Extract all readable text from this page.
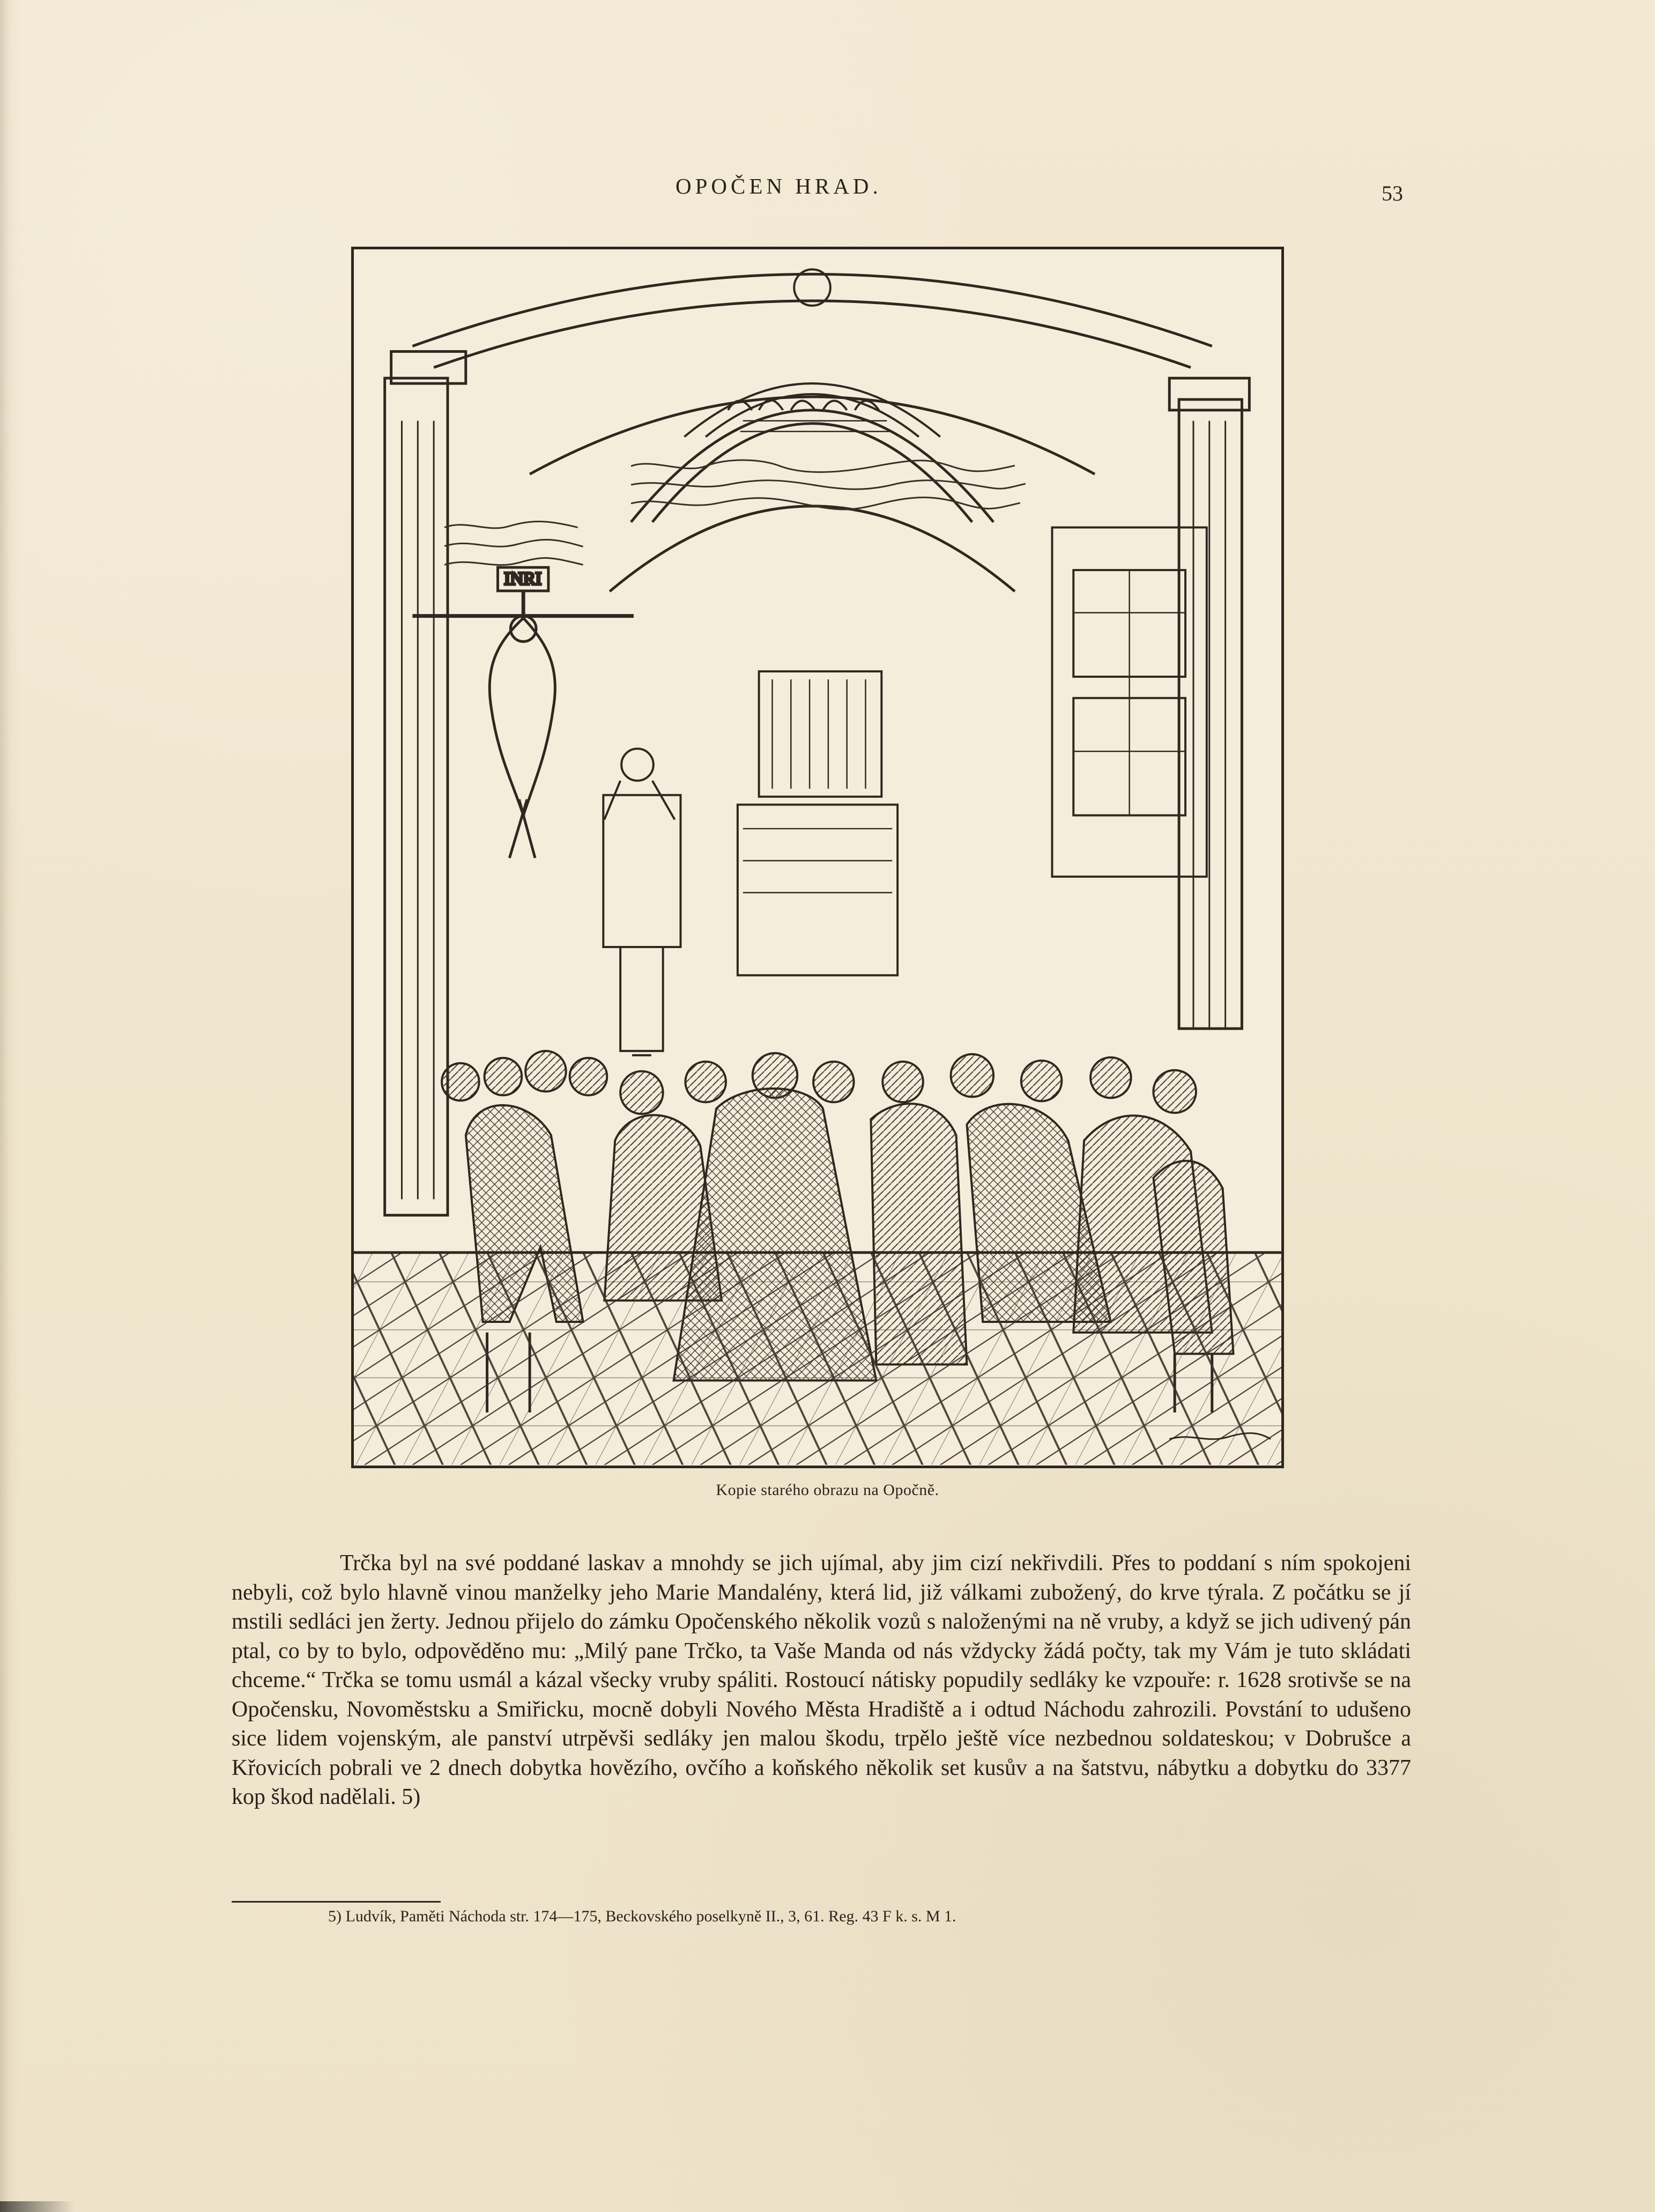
OPOČEN HRAD.	53
INRI
Kopie starého obrazu na Opočně.

Trčka byl na své poddané laskav a mnohdy se jich ujímal, aby jim cizí nekřivdili. Přes to poddaní s ním spokojeni nebyli, což bylo hlavně vinou manželky jeho Marie Mandalény, která lid, již válkami zubožený, do krve týrala. Z počátku se jí mstili sedláci jen žerty. Jednou přijelo do zámku Opočenského několik vozů s naloženými na ně vruby, a když se jich udivený pán ptal, co by to bylo, odpověděno mu: „Milý pane Trčko, ta Vaše Manda od nás vždycky žádá počty, tak my Vám je tuto skládati chceme.“ Trčka se tomu usmál a kázal všecky vruby spáliti. Rostoucí nátisky popudily sedláky ke vzpouře: r. 1628 srotivše se na Opočensku, Novoměstsku a Smiřicku, mocně dobyli Nového Města Hradiště a i odtud Náchodu zahrozili. Povstání to udušeno sice lidem vojenským, ale panství utrpěvši sedláky jen malou škodu, trpělo ještě více nezbednou soldateskou; v Dobrušce a Křovicích pobrali ve 2 dnech dobytka hovězího, ovčího a koňského několik set kusův a na šatstvu, nábytku a dobytku do 3377 kop škod nadělali. 5)

5) Ludvík, Paměti Náchoda str. 174—175, Beckovského poselkyně II., 3, 61. Reg. 43 F k. s. M 1.
